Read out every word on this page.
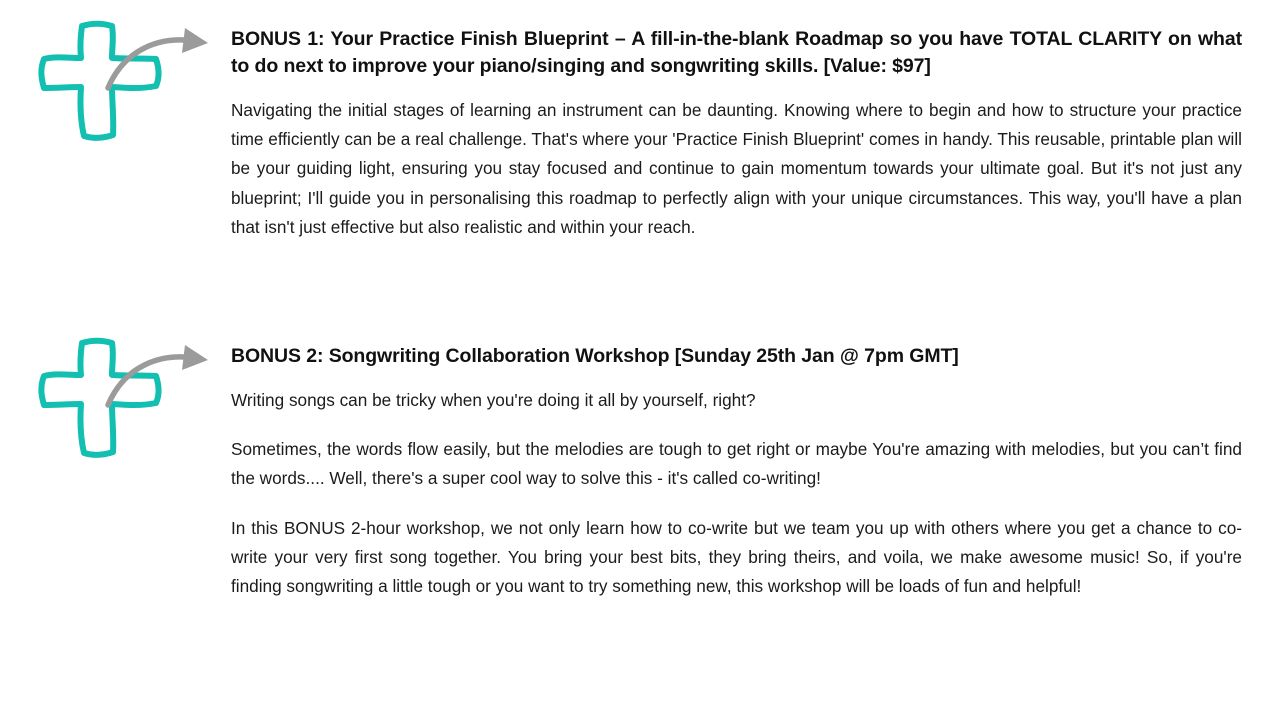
BONUS 1: Your Practice Finish Blueprint – A fill-in-the-blank Roadmap so you have TOTAL CLARITY on what to do next to improve your piano/singing and songwriting skills. [Value: $97]

Navigating the initial stages of learning an instrument can be daunting. Knowing where to begin and how to structure your practice time efficiently can be a real challenge. That's where your 'Practice Finish Blueprint' comes in handy. This reusable, printable plan will be your guiding light, ensuring you stay focused and continue to gain momentum towards your ultimate goal. But it's not just any blueprint; I'll guide you in personalising this roadmap to perfectly align with your unique circumstances. This way, you'll have a plan that isn't just effective but also realistic and within your reach.

BONUS 2: Songwriting Collaboration Workshop [Sunday 25th Jan @ 7pm GMT]

Writing songs can be tricky when you're doing it all by yourself, right?

Sometimes, the words flow easily, but the melodies are tough to get right or maybe You're amazing with melodies, but you can’t find the words.... Well, there's a super cool way to solve this - it's called co-writing!

In this BONUS 2-hour workshop, we not only learn how to co-write but we team you up with others where you get a chance to co-write your very first song together. You bring your best bits, they bring theirs, and voila, we make awesome music! So, if you're finding songwriting a little tough or you want to try something new, this workshop will be loads of fun and helpful!
